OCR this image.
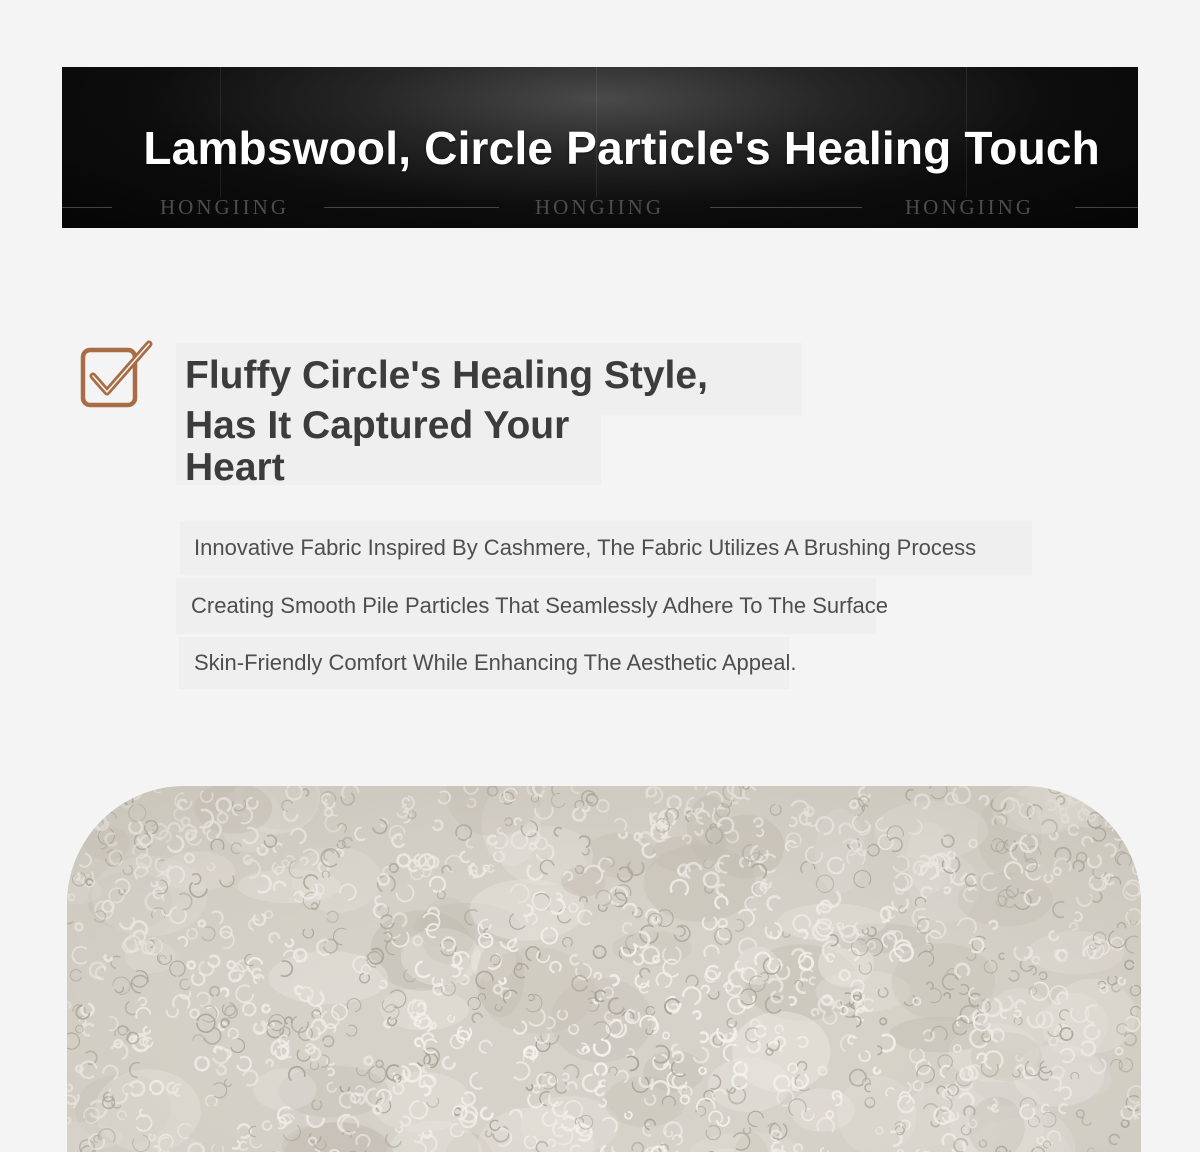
Lambswool, Circle Particle's Healing Touch
HONGIING	HONGIING	HONGIING
Fluffy Circle's Healing Style,
Has It Captured Your
Heart

Innovative Fabric Inspired By Cashmere, The Fabric Utilizes A Brushing Process

Creating Smooth Pile Particles That Seamlessly Adhere To The Surface

Skin-Friendly Comfort While Enhancing The Aesthetic Appeal.
